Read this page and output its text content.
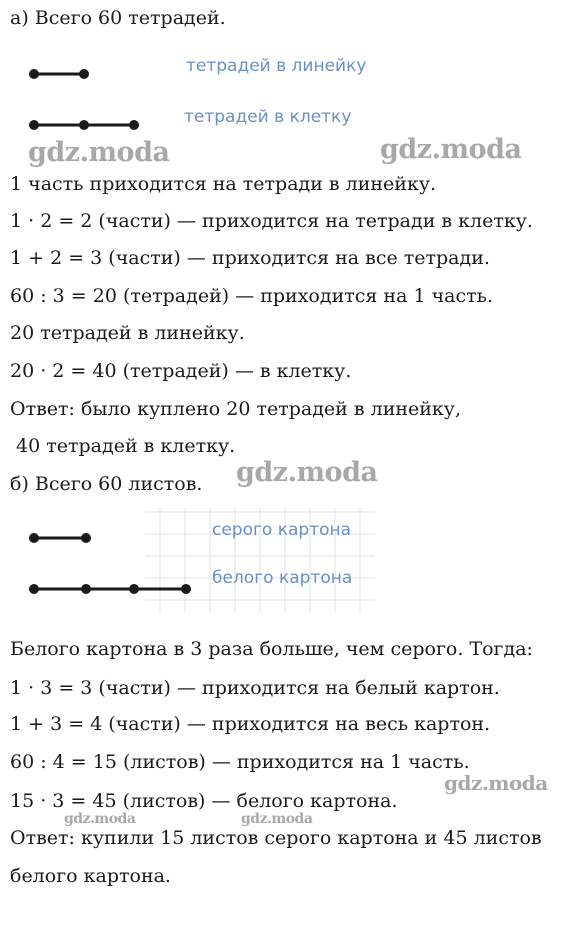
а) Всего 60 тетрадей.

тетрадей в линейку
тетрадей в клетку

1 часть приходится на тетради в линейку.

1 · 2 = 2 (части) — приходится на тетради в клетку.

1 + 2 = 3 (части) — приходится на все тетради.

60 : 3 = 20 (тетрадей) — приходится на 1 часть.

20 тетрадей в линейку.

20 · 2 = 40 (тетрадей) — в клетку.

Ответ: было куплено 20 тетрадей в линейку,

40 тетрадей в клетку.

б) Всего 60 листов.

серого картона
белого картона

Белого картона в 3 раза больше, чем серого. Тогда:

1 · 3 = 3 (части) — приходится на белый картон.

1 + 3 = 4 (части) — приходится на весь картон.

60 : 4 = 15 (листов) — приходится на 1 часть.

15 · 3 = 45 (листов) — белого картона.

Ответ: купили 15 листов серого картона и 45 листов

белого картона.

gdz.moda	gdz.moda
gdz.moda
gdz.moda
gdz.moda	gdz.moda
